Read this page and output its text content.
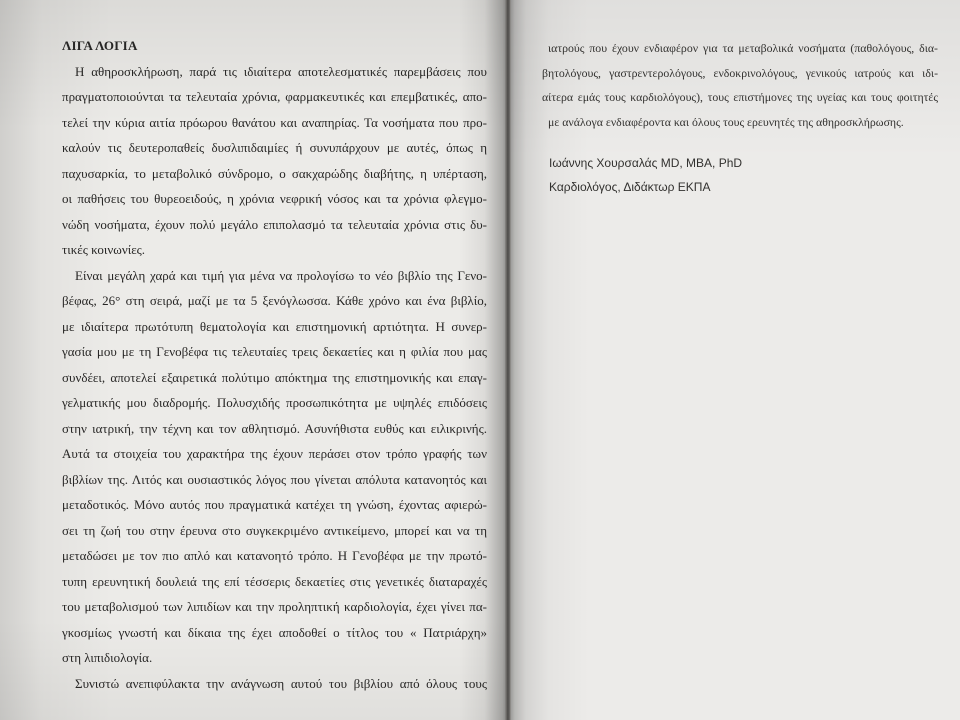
ΛΙΓΑ ΛΟΓΙΑ
Η αθηροσκλήρωση, παρά τις ιδιαίτερα αποτελεσματικές παρεμβάσεις που
πραγματοποιούνται τα τελευταία χρόνια, φαρμακευτικές και επεμβατικές, απο-
τελεί την κύρια αιτία πρόωρου θανάτου και αναπηρίας. Τα νοσήματα που προ-
καλούν τις δευτεροπαθείς δυσλιπιδαιμίες ή συνυπάρχουν με αυτές, όπως η
παχυσαρκία, το μεταβολικό σύνδρομο, ο σακχαρώδης διαβήτης, η υπέρταση,
οι παθήσεις του θυρεοειδούς, η χρόνια νεφρική νόσος και τα χρόνια φλεγμο-
νώδη νοσήματα, έχουν πολύ μεγάλο επιπολασμό τα τελευταία χρόνια στις δυ-
τικές κοινωνίες.
Είναι μεγάλη χαρά και τιμή για μένα να προλογίσω το νέο βιβλίο της Γενο-
βέφας, 26° στη σειρά, μαζί με τα 5 ξενόγλωσσα. Κάθε χρόνο και ένα βιβλίο,
με ιδιαίτερα πρωτότυπη θεματολογία και επιστημονική αρτιότητα. Η συνερ-
γασία μου με τη Γενοβέφα τις τελευταίες τρεις δεκαετίες και η φιλία που μας
συνδέει, αποτελεί εξαιρετικά πολύτιμο απόκτημα της επιστημονικής και επαγ-
γελματικής μου διαδρομής. Πολυσχιδής προσωπικότητα με υψηλές επιδόσεις
στην ιατρική, την τέχνη και τον αθλητισμό. Ασυνήθιστα ευθύς και ειλικρινής.
Αυτά τα στοιχεία του χαρακτήρα της έχουν περάσει στον τρόπο γραφής των
βιβλίων της. Λιτός και ουσιαστικός λόγος που γίνεται απόλυτα κατανοητός και
μεταδοτικός. Μόνο αυτός που πραγματικά κατέχει τη γνώση, έχοντας αφιερώ-
σει τη ζωή του στην έρευνα στο συγκεκριμένο αντικείμενο, μπορεί και να τη
μεταδώσει με τον πιο απλό και κατανοητό τρόπο. Η Γενοβέφα με την πρωτό-
τυπη ερευνητική δουλειά της επί τέσσερις δεκαετίες στις γενετικές διαταραχές
του μεταβολισμού των λιπιδίων και την προληπτική καρδιολογία, έχει γίνει πα-
γκοσμίως γνωστή και δίκαια της έχει αποδοθεί ο τίτλος του « Πατριάρχη»
στη λιπιδιολογία.
Συνιστώ ανεπιφύλακτα την ανάγνωση αυτού του βιβλίου από όλους τους
ιατρούς που έχουν ενδιαφέρον για τα μεταβολικά νοσήματα (παθολόγους, δια-
βητολόγους, γαστρεντερολόγους, ενδοκρινολόγους, γενικούς ιατρούς και ιδι-
αίτερα εμάς τους καρδιολόγους), τους επιστήμονες της υγείας και τους φοιτητές
με ανάλογα ενδιαφέροντα και όλους τους ερευνητές της αθηροσκλήρωσης.
Ιωάννης Χουρσαλάς MD, MBA, PhD
Καρδιολόγος, Διδάκτωρ ΕΚΠΑ
